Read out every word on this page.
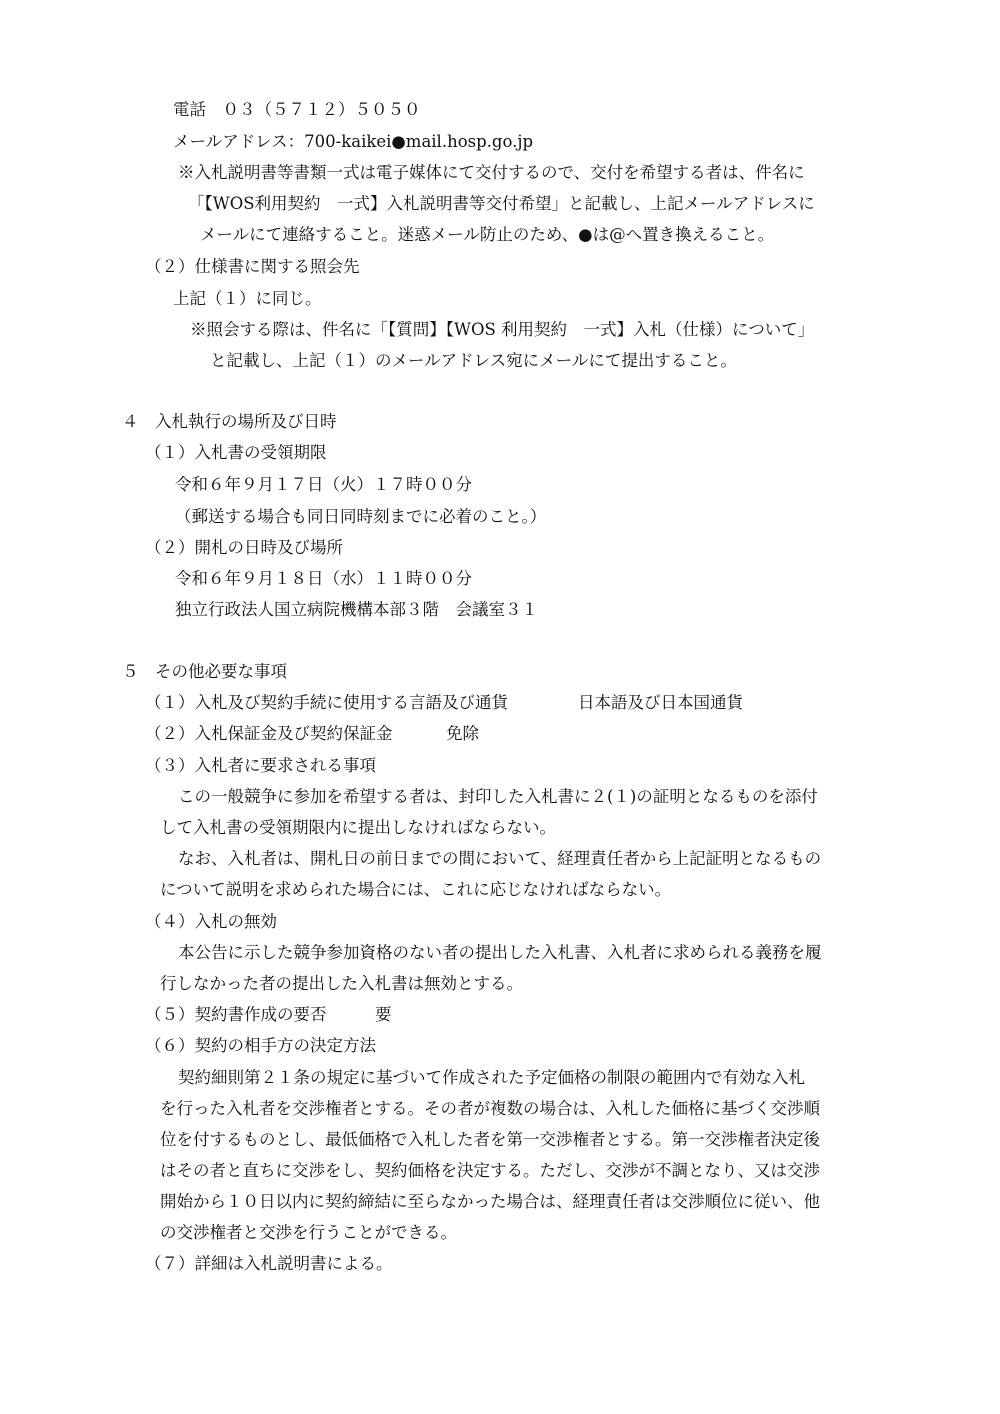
電話　０３（５７１２）５０５０
メールアドレス：700-kaikei●mail.hosp.go.jp
※入札説明書等書類一式は電子媒体にて交付するので、交付を希望する者は、件名に
「【WOS利用契約　一式】入札説明書等交付希望」と記載し、上記メールアドレスに
メールにて連絡すること。迷惑メール防止のため、●は@へ置き換えること。
（２）仕様書に関する照会先
上記（１）に同じ。
※照会する際は、件名に「【質問】【WOS 利用契約　一式】入札（仕様）について」
と記載し、上記（１）のメールアドレス宛にメールにて提出すること。
４　入札執行の場所及び日時
（１）入札書の受領期限
令和６年９月１７日（火）１７時００分
（郵送する場合も同日同時刻までに必着のこと。）
（２）開札の日時及び場所
令和６年９月１８日（水）１１時００分
独立行政法人国立病院機構本部３階　会議室３１
５　その他必要な事項
（１）入札及び契約手続に使用する言語及び通貨	日本語及び日本国通貨
（２）入札保証金及び契約保証金	免除
（３）入札者に要求される事項
この一般競争に参加を希望する者は、封印した入札書に２(１)の証明となるものを添付
して入札書の受領期限内に提出しなければならない。
なお、入札者は、開札日の前日までの間において、経理責任者から上記証明となるもの
について説明を求められた場合には、これに応じなければならない。
（４）入札の無効
本公告に示した競争参加資格のない者の提出した入札書、入札者に求められる義務を履
行しなかった者の提出した入札書は無効とする。
（５）契約書作成の要否	要
（６）契約の相手方の決定方法
契約細則第２１条の規定に基づいて作成された予定価格の制限の範囲内で有効な入札
を行った入札者を交渉権者とする。その者が複数の場合は、入札した価格に基づく交渉順
位を付するものとし、最低価格で入札した者を第一交渉権者とする。第一交渉権者決定後
はその者と直ちに交渉をし、契約価格を決定する。ただし、交渉が不調となり、又は交渉
開始から１０日以内に契約締結に至らなかった場合は、経理責任者は交渉順位に従い、他
の交渉権者と交渉を行うことができる。
（７）詳細は入札説明書による。
